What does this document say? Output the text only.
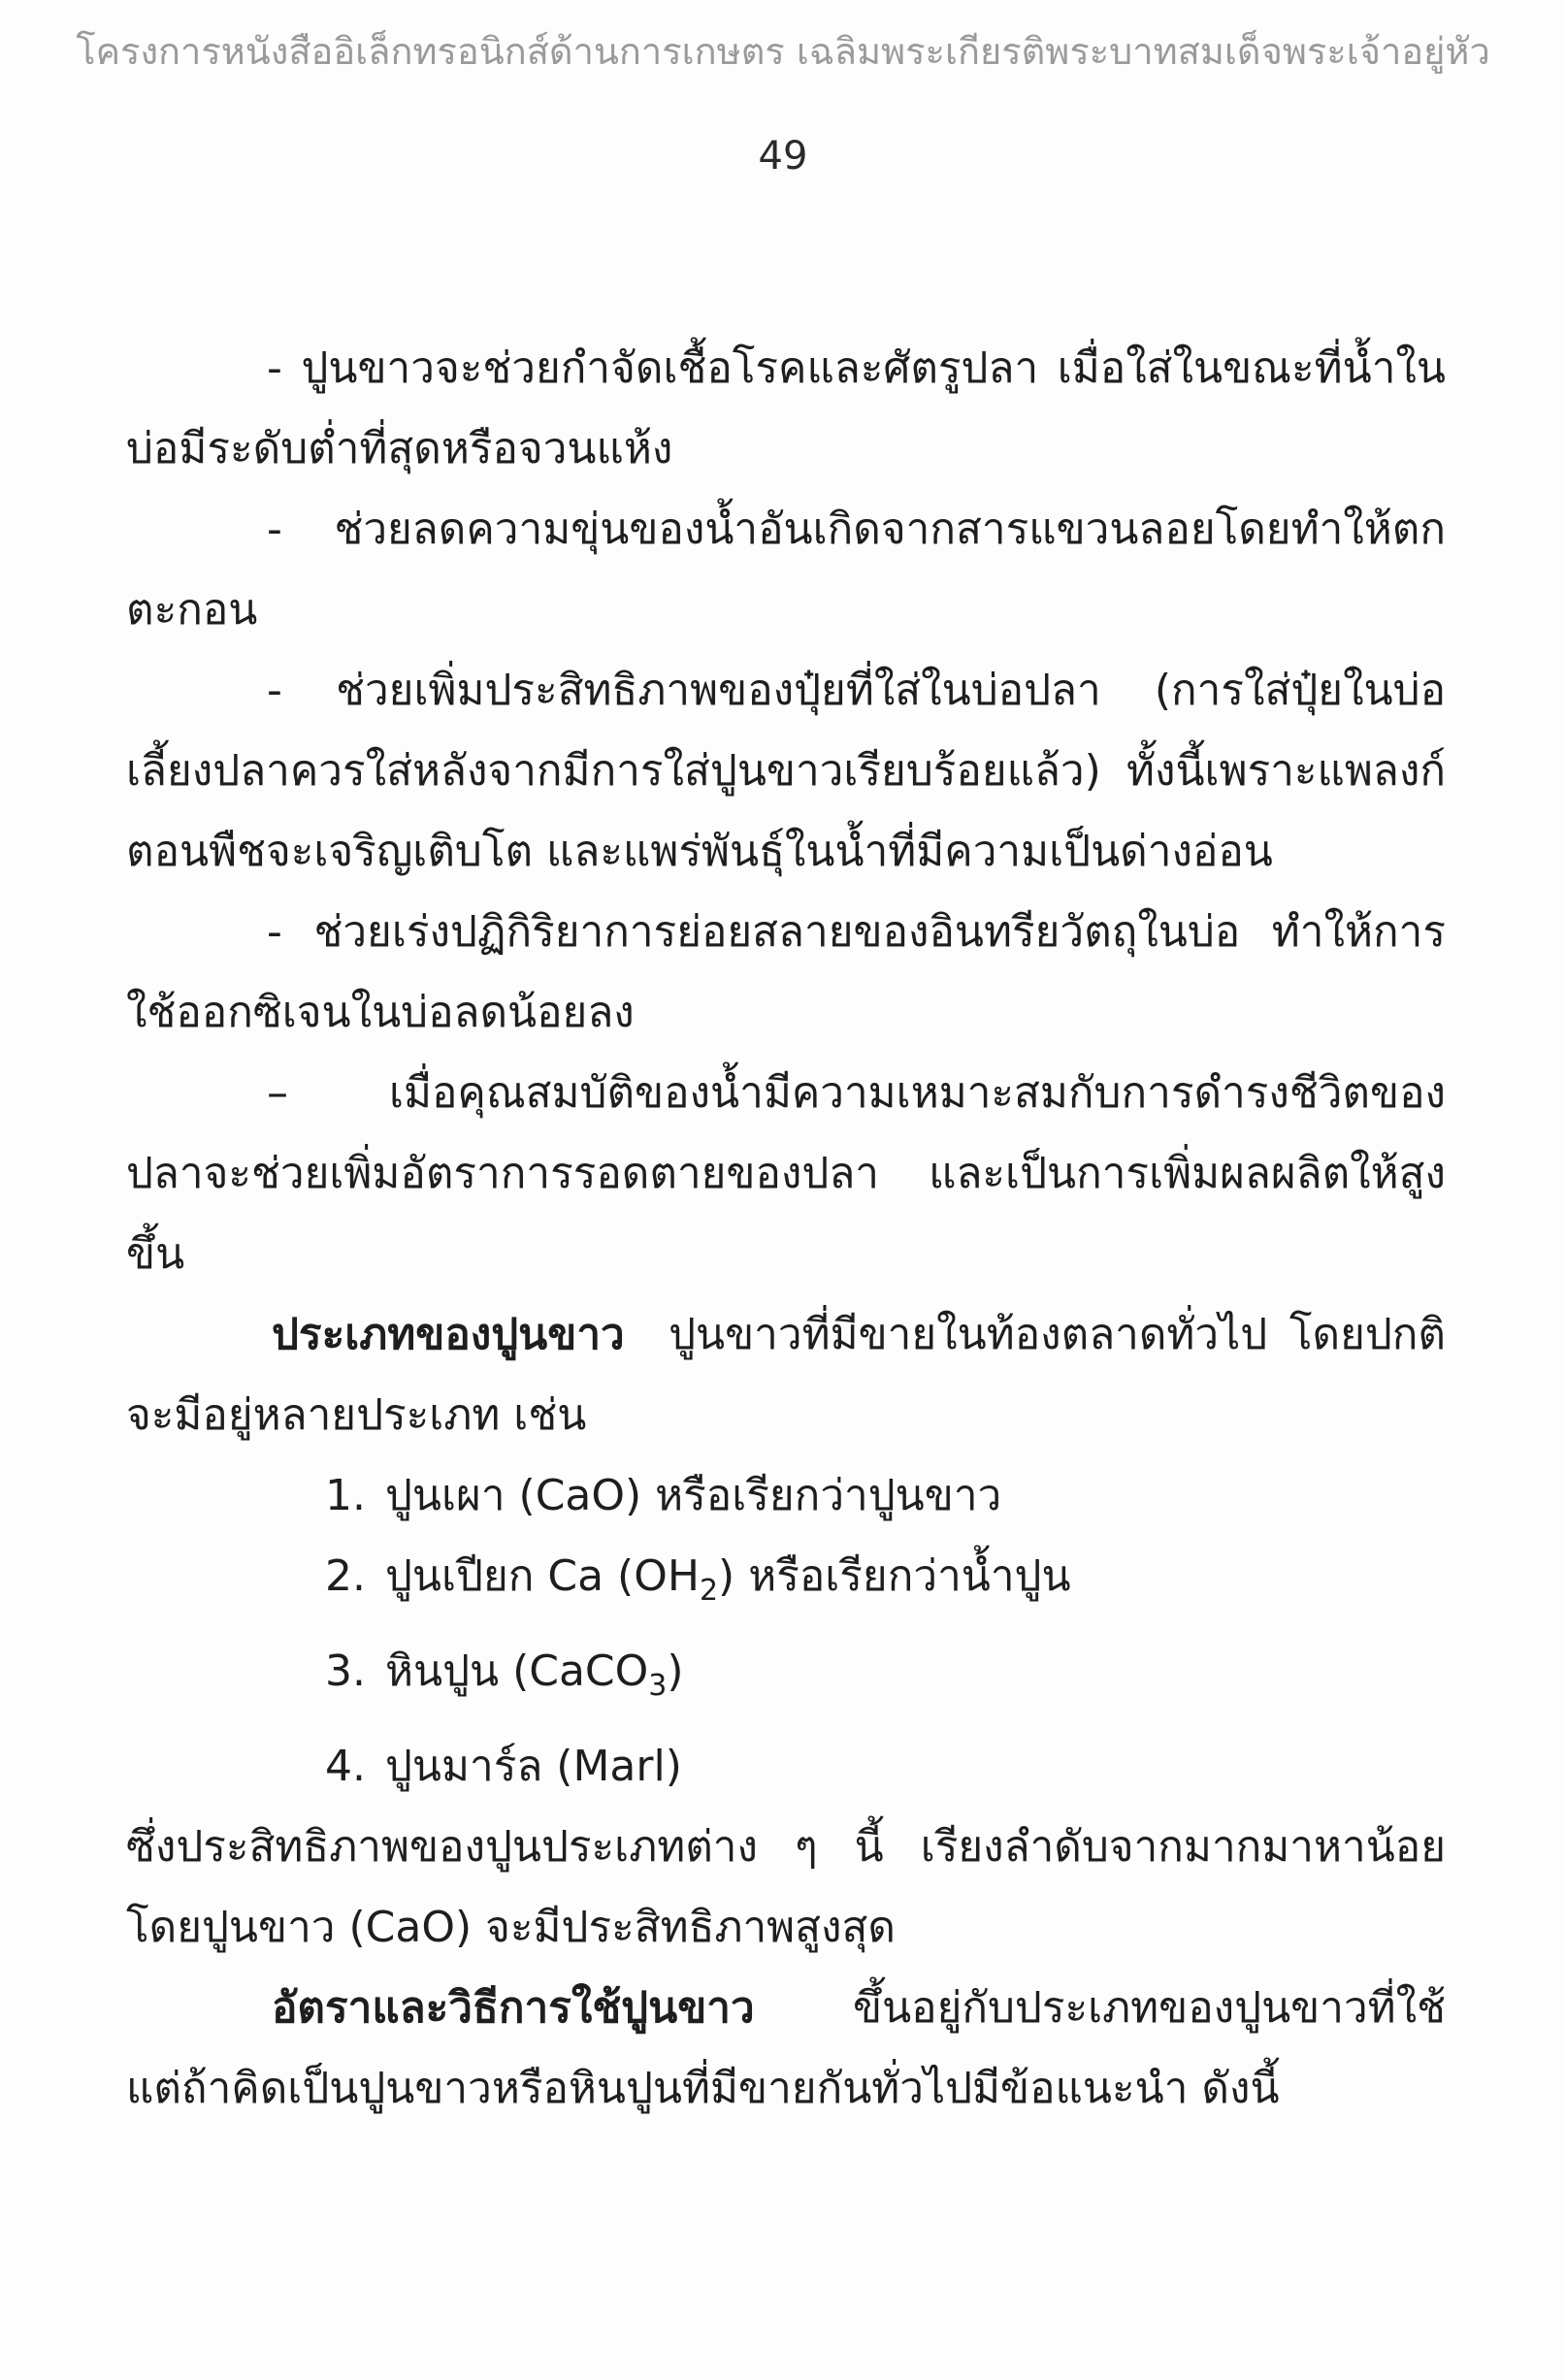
โครงการหนังสืออิเล็กทรอนิกส์ด้านการเกษตร เฉลิมพระเกียรติพระบาทสมเด็จพระเจ้าอยู่หัว
49

- ปูนขาวจะช่วยกำจัดเชื้อโรคและศัตรูปลา เมื่อใส่ในขณะที่น้ำในบ่อมีระดับต่ำที่สุดหรือจวนแห้ง

- ช่วยลดความขุ่นของน้ำอันเกิดจากสารแขวนลอยโดยทำให้ตกตะกอน

- ช่วยเพิ่มประสิทธิภาพของปุ๋ยที่ใส่ในบ่อปลา (การใส่ปุ๋ยในบ่อเลี้ยงปลาควรใส่หลังจากมีการใส่ปูนขาวเรียบร้อยแล้ว) ทั้งนี้เพราะแพลงก์ตอนพืชจะเจริญเติบโต และแพร่พันธุ์ในน้ำที่มีความเป็นด่างอ่อน

- ช่วยเร่งปฏิกิริยาการย่อยสลายของอินทรียวัตถุในบ่อ ทำให้การใช้ออกซิเจนในบ่อลดน้อยลง

– เมื่อคุณสมบัติของน้ำมีความเหมาะสมกับการดำรงชีวิตของปลาจะช่วยเพิ่มอัตราการรอดตายของปลา และเป็นการเพิ่มผลผลิตให้สูงขึ้น

ประเภทของปูนขาว ปูนขาวที่มีขายในท้องตลาดทั่วไป โดยปกติจะมีอยู่หลายประเภท เช่น

1. ปูนเผา (CaO) หรือเรียกว่าปูนขาว
2. ปูนเปียก Ca $(OH_2)$ หรือเรียกว่าน้ำปูน
3. หินปูน (CaCO$_3$)
4. ปูนมาร์ล (Marl)

ซึ่งประสิทธิภาพของปูนประเภทต่าง ๆ นี้ เรียงลำดับจากมากมาหาน้อย โดยปูนขาว (CaO) จะมีประสิทธิภาพสูงสุด

อัตราและวิธีการใช้ปูนขาว ขึ้นอยู่กับประเภทของปูนขาวที่ใช้ แต่ถ้าคิดเป็นปูนขาวหรือหินปูนที่มีขายกันทั่วไปมีข้อแนะนำ ดังนี้
